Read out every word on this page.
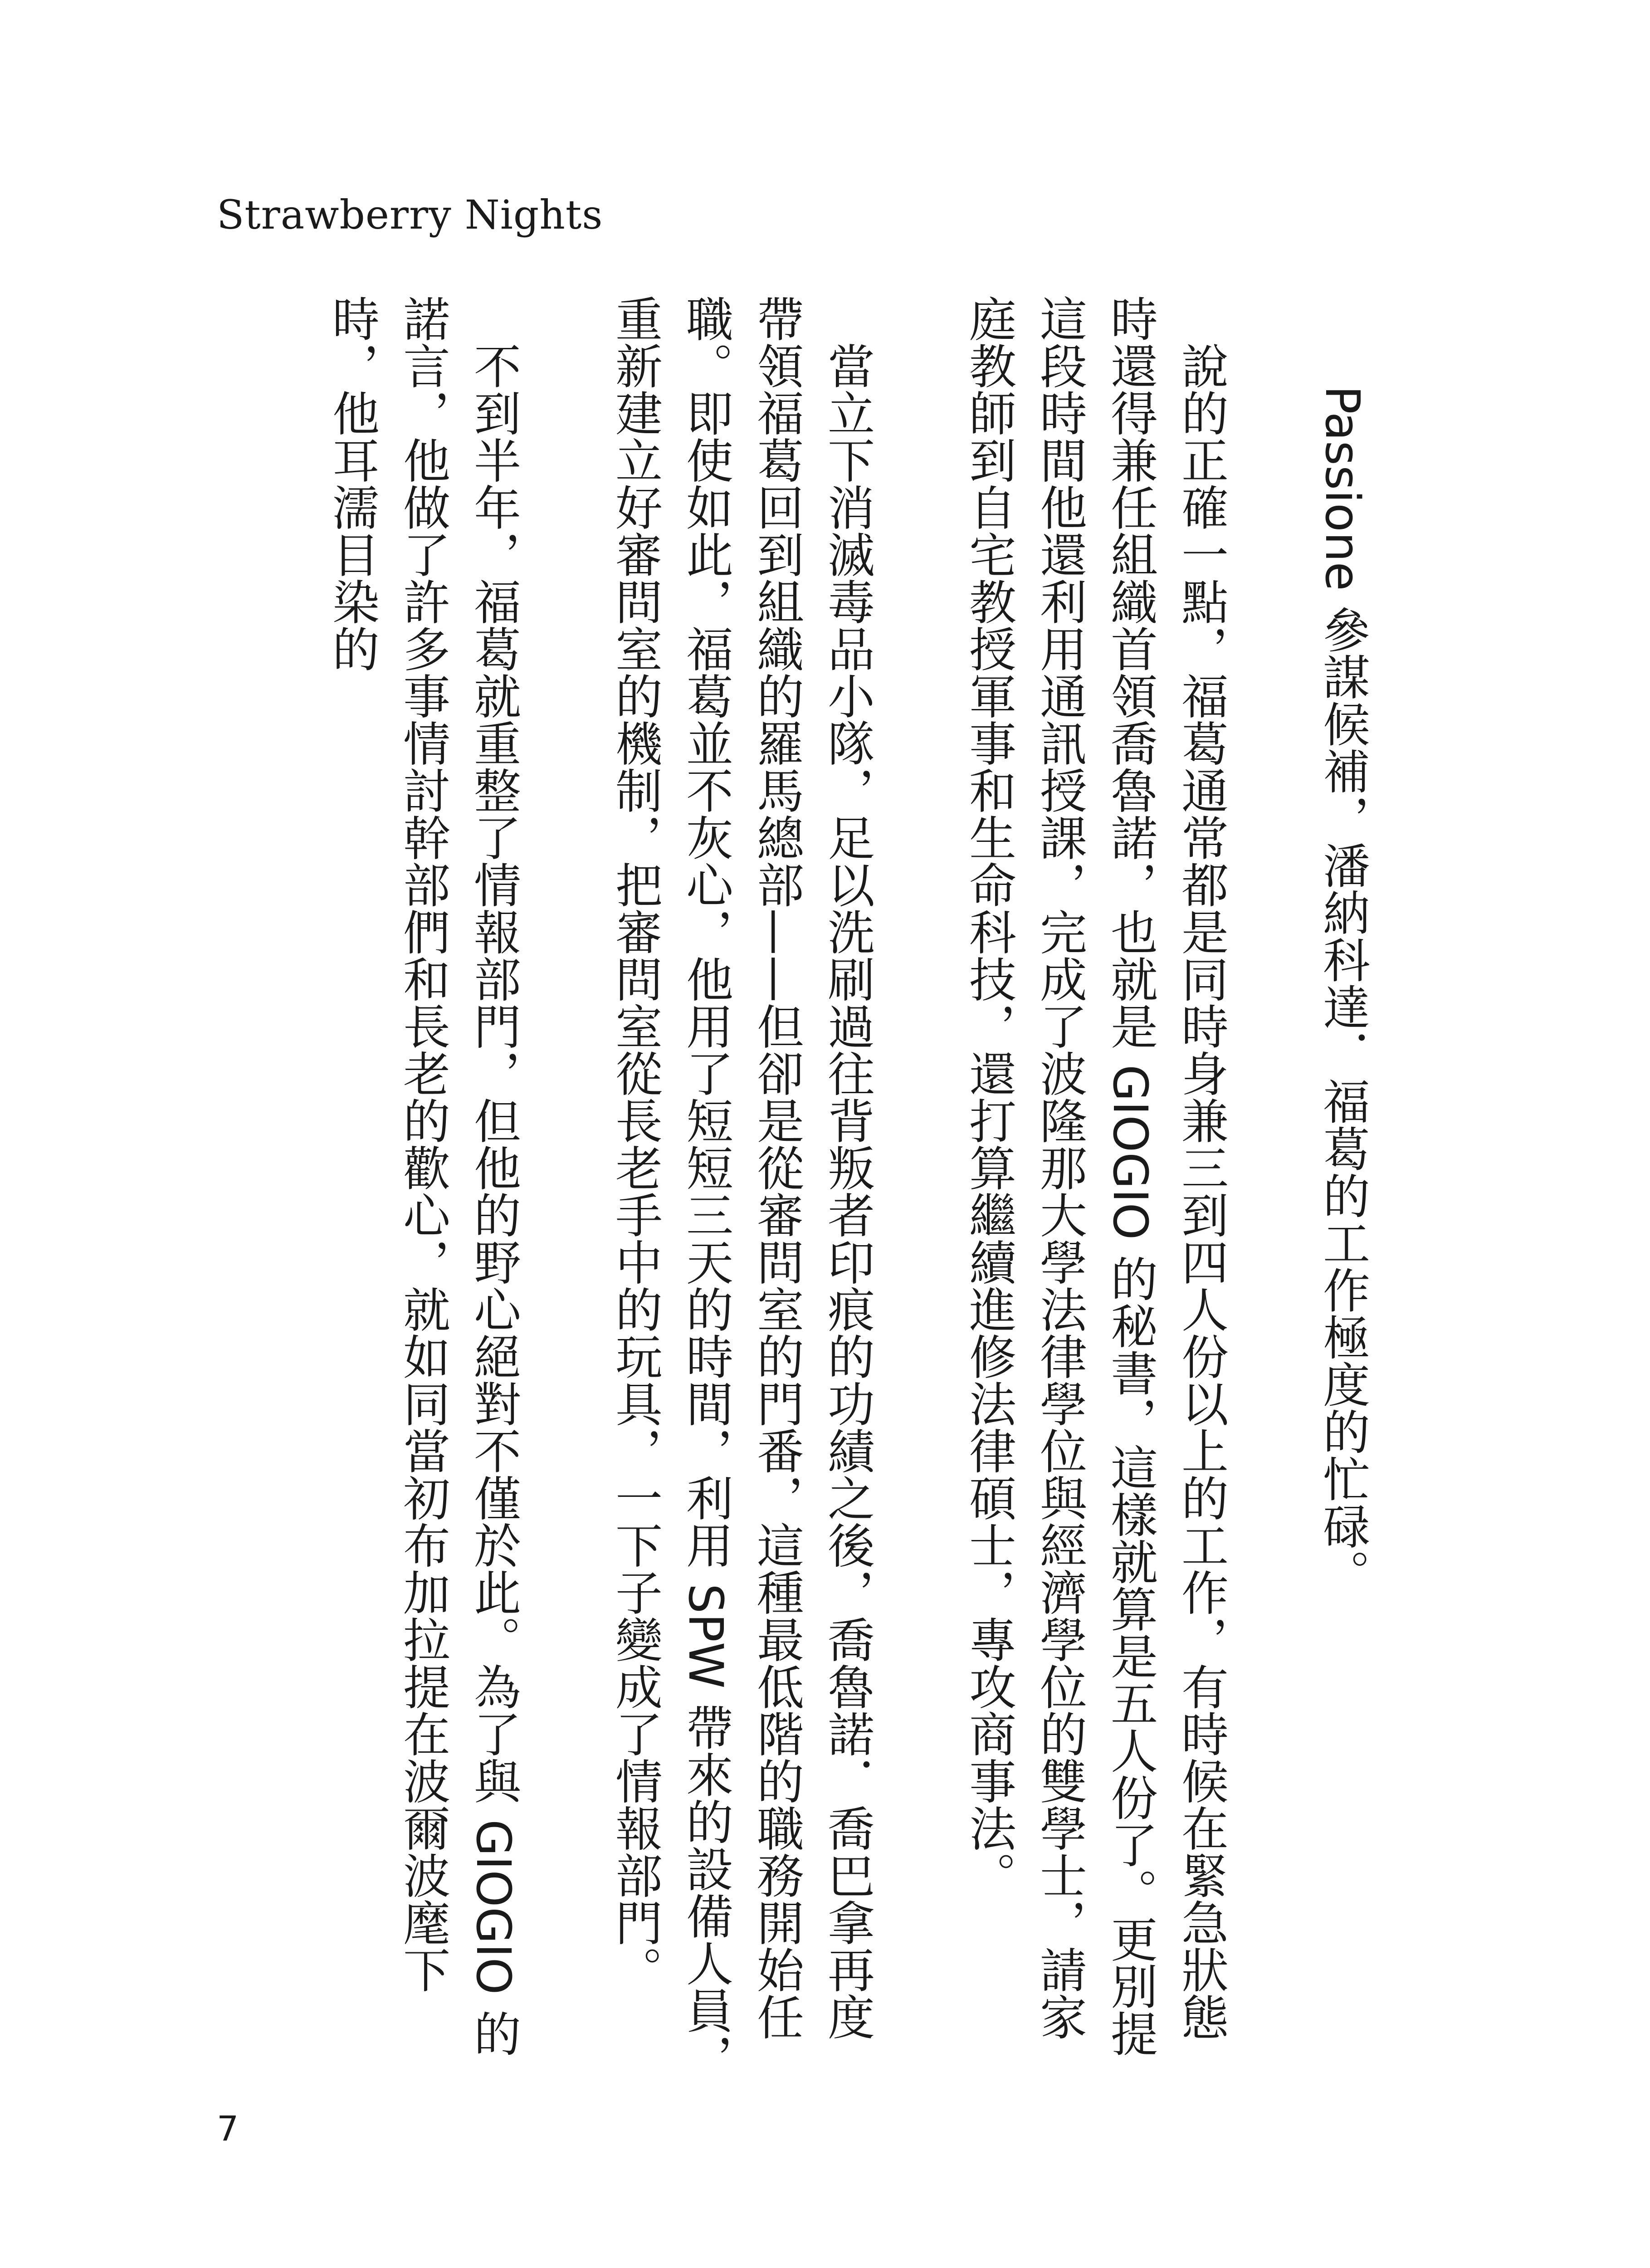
Strawberry Nights

Passione 參謀候補，潘納科達．福葛的工作極度的忙碌。

說的正確一點，福葛通常都是同時身兼三到四人份以上的工作，有時候在緊急狀態時還得兼任組織首領喬魯諾，也就是 GIOGIO 的秘書，這樣就算是五人份了。更別提這段時間他還利用通訊授課，完成了波隆那大學法律學位與經濟學位的雙學士，請家庭教師到自宅教授軍事和生命科技，還打算繼續進修法律碩士，專攻商事法。

當立下消滅毒品小隊，足以洗刷過往背叛者印痕的功績之後，喬魯諾．喬巴拿再度帶領福葛回到組織的羅馬總部——但卻是從審問室的門番，這種最低階的職務開始任職。即使如此，福葛並不灰心，他用了短短三天的時間，利用 SPW 帶來的設備人員，重新建立好審問室的機制，把審問室從長老手中的玩具，一下子變成了情報部門。

不到半年，福葛就重整了情報部門，但他的野心絕對不僅於此。為了與 GIOGIO 的諾言，他做了許多事情討幹部們和長老的歡心，就如同當初布加拉提在波爾波麾下時，他耳濡目染的

7
